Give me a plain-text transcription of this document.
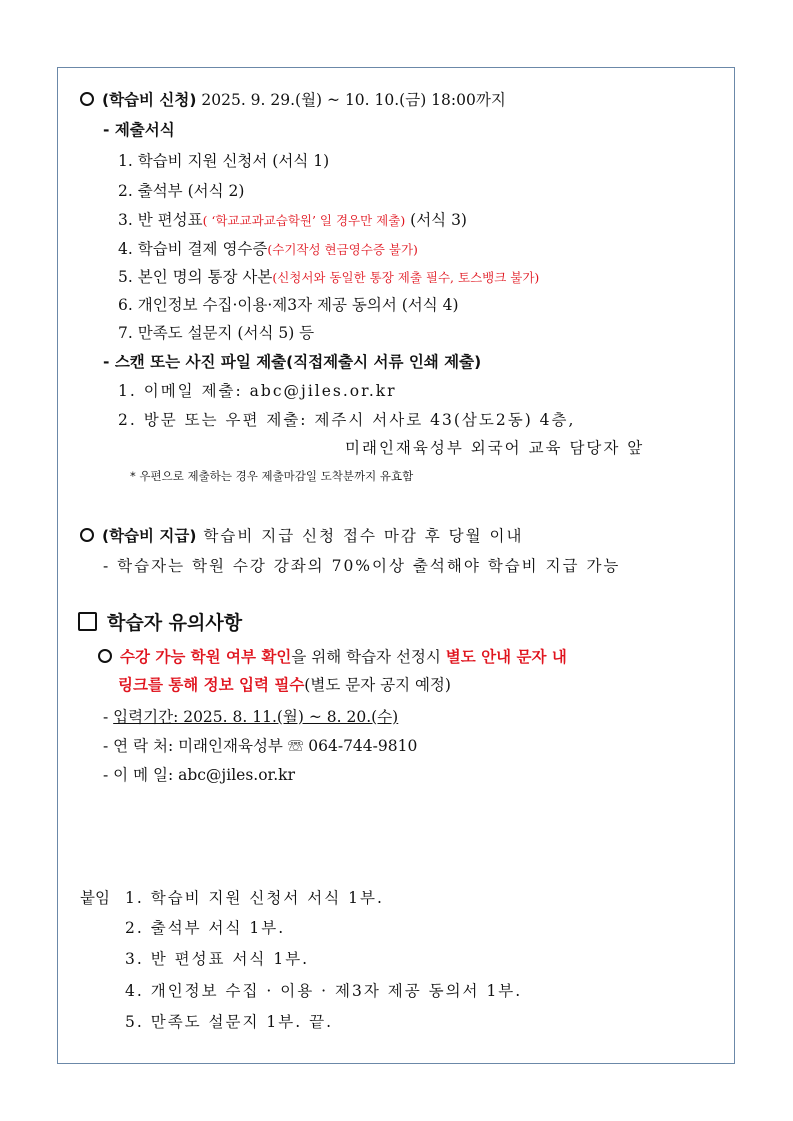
(학습비 신청) 2025. 9. 29.(월) ~ 10. 10.(금) 18:00까지
- 제출서식
1. 학습비 지원 신청서 (서식 1)
2. 출석부 (서식 2)
3. 반 편성표( ‘학교교과교습학원’ 일 경우만 제출) (서식 3)
4. 학습비 결제 영수증(수기작성 현금영수증 불가)
5. 본인 명의 통장 사본(신청서와 동일한 통장 제출 필수, 토스뱅크 불가)
6. 개인정보 수집·이용·제3자 제공 동의서 (서식 4)
7. 만족도 설문지 (서식 5) 등
- 스캔 또는 사진 파일 제출(직접제출시 서류 인쇄 제출)
1. 이메일 제출: abc@jiles.or.kr
2. 방문 또는 우편 제출: 제주시 서사로 43(삼도2동) 4층,
미래인재육성부 외국어 교육 담당자 앞
* 우편으로 제출하는 경우 제출마감일 도착분까지 유효함
(학습비 지급) 학습비 지급 신청 접수 마감 후 당월 이내
- 학습자는 학원 수강 강좌의 70%이상 출석해야 학습비 지급 가능
학습자 유의사항
수강 가능 학원 여부 확인을 위해 학습자 선정시 별도 안내 문자 내
링크를 통해 정보 입력 필수(별도 문자 공지 예정)
- 입력기간: 2025. 8. 11.(월) ~ 8. 20.(수)
- 연 락 처: 미래인재육성부 ☏ 064-744-9810
- 이 메 일: abc@jiles.or.kr
붙임 1. 학습비 지원 신청서 서식 1부.
2. 출석부 서식 1부.
3. 반 편성표 서식 1부.
4. 개인정보 수집 · 이용 · 제3자 제공 동의서 1부.
5. 만족도 설문지 1부. 끝.
